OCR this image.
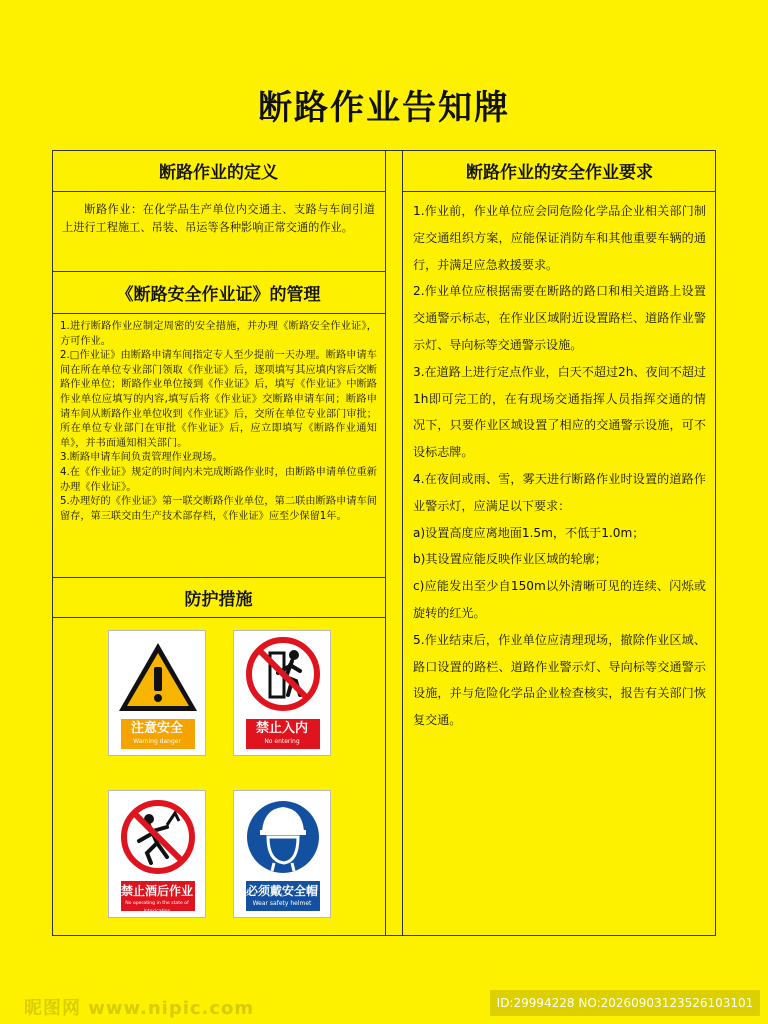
断路作业告知牌
断路作业的定义
断路作业：在化学品生产单位内交通主、支路与车间引道上进行工程施工、吊装、吊运等各种影响正常交通的作业。
《断路安全作业证》的管理

1.进行断路作业应制定周密的安全措施，并办理《断路安全作业证》，方可作业。

2.□作业证》由断路申请车间指定专人至少提前一天办理。断路申请车间在所在单位专业部门领取《作业证》后，逐项填写其应填内容后交断路作业单位；断路作业单位接到《作业证》后，填写《作业证》中断路作业单位应填写的内容,填写后将《作业证》交断路申请车间；断路申请车间从断路作业单位收到《作业证》后，交所在单位专业部门审批；所在单位专业部门在审批《作业证》后，应立即填写《断路作业通知单》，并书面通知相关部门。

3.断路申请车间负责管理作业现场。

4.在《作业证》规定的时间内未完成断路作业时，由断路申请单位重新办理《作业证》。

5.办理好的《作业证》第一联交断路作业单位，第二联由断路申请车间留存，第三联交由生产技术部存档，《作业证》应至少保留1年。

防护措施
注意安全
Warning danger
禁止入内
No entering
禁止酒后作业
No operating in the state of intoxication
必须戴安全帽
Wear safety helmet
断路作业的安全作业要求

1.作业前，作业单位应会同危险化学品企业相关部门制定交通组织方案，应能保证消防车和其他重要车辆的通行，并满足应急救援要求。

2.作业单位应根据需要在断路的路口和相关道路上设置交通警示标志，在作业区域附近设置路栏、道路作业警示灯、导向标等交通警示设施。

3.在道路上进行定点作业，白天不超过2h、夜间不超过1h即可完工的，在有现场交通指挥人员指挥交通的情况下，只要作业区域设置了相应的交通警示设施，可不设标志牌。

4.在夜间或雨、雪，雾天进行断路作业时设置的道路作业警示灯，应满足以下要求：

a)设置高度应离地面1.5m，不低于1.0m；

b)其设置应能反映作业区域的轮廓；

c)应能发出至少自150m以外清晰可见的连续、闪烁或旋转的红光。

5.作业结束后，作业单位应清理现场，撤除作业区域、路口设置的路栏、道路作业警示灯、导向标等交通警示设施，并与危险化学品企业检查核实，报告有关部门恢复交通。

昵图网 www.nipic.com	ID:29994228 NO:20260903123526103101
